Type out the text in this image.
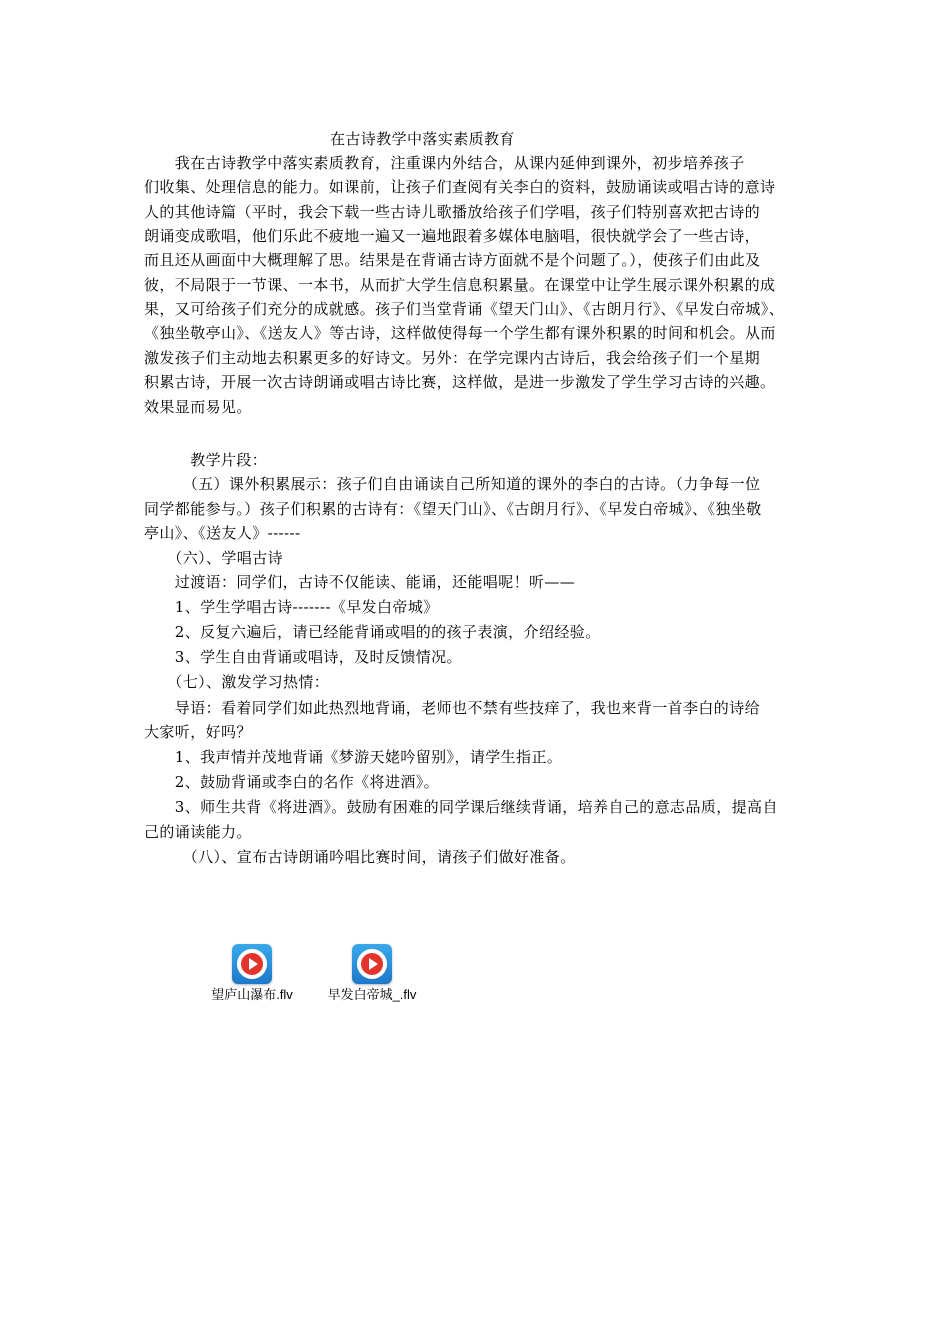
在古诗教学中落实素质教育
　　我在古诗教学中落实素质教育，注重课内外结合，从课内延伸到课外，初步培养孩子
们收集、处理信息的能力。如课前，让孩子们查阅有关李白的资料，鼓励诵读或唱古诗的意诗
人的其他诗篇（平时，我会下载一些古诗儿歌播放给孩子们学唱，孩子们特别喜欢把古诗的
朗诵变成歌唱，他们乐此不疲地一遍又一遍地跟着多媒体电脑唱，很快就学会了一些古诗，
而且还从画面中大概理解了思。结果是在背诵古诗方面就不是个问题了。），使孩子们由此及
彼，不局限于一节课、一本书，从而扩大学生信息积累量。在课堂中让学生展示课外积累的成
果，又可给孩子们充分的成就感。孩子们当堂背诵《望天门山》、《古朗月行》、《早发白帝城》、
《独坐敬亭山》、《送友人》等古诗，这样做使得每一个学生都有课外积累的时间和机会。从而
激发孩子们主动地去积累更多的好诗文。另外：在学完课内古诗后，我会给孩子们一个星期
积累古诗，开展一次古诗朗诵或唱古诗比赛，这样做，是进一步激发了学生学习古诗的兴趣。
效果显而易见。
　　　教学片段：
　　　（五）课外积累展示：孩子们自由诵读自己所知道的课外的李白的古诗。（力争每一位
同学都能参与。）孩子们积累的古诗有：《望天门山》、《古朗月行》、《早发白帝城》、《独坐敬
亭山》、《送友人》------
　　（六）、学唱古诗
　　过渡语：同学们，古诗不仅能读、能诵，还能唱呢！听——
　　1、学生学唱古诗-------《早发白帝城》
　　2、反复六遍后，请已经能背诵或唱的的孩子表演，介绍经验。
　　3、学生自由背诵或唱诗，及时反馈情况。
　　（七）、激发学习热情：
　　导语：看着同学们如此热烈地背诵，老师也不禁有些技痒了，我也来背一首李白的诗给
大家听，好吗？
　　1、我声情并茂地背诵《梦游天姥吟留别》，请学生指正。
　　2、鼓励背诵或李白的名作《将进酒》。
　　3、师生共背《将进酒》。鼓励有困难的同学课后继续背诵，培养自己的意志品质，提高自
己的诵读能力。
　　　（八）、宣布古诗朗诵吟唱比赛时间，请孩子们做好准备。
望庐山瀑布.flv	早发白帝城_.flv
